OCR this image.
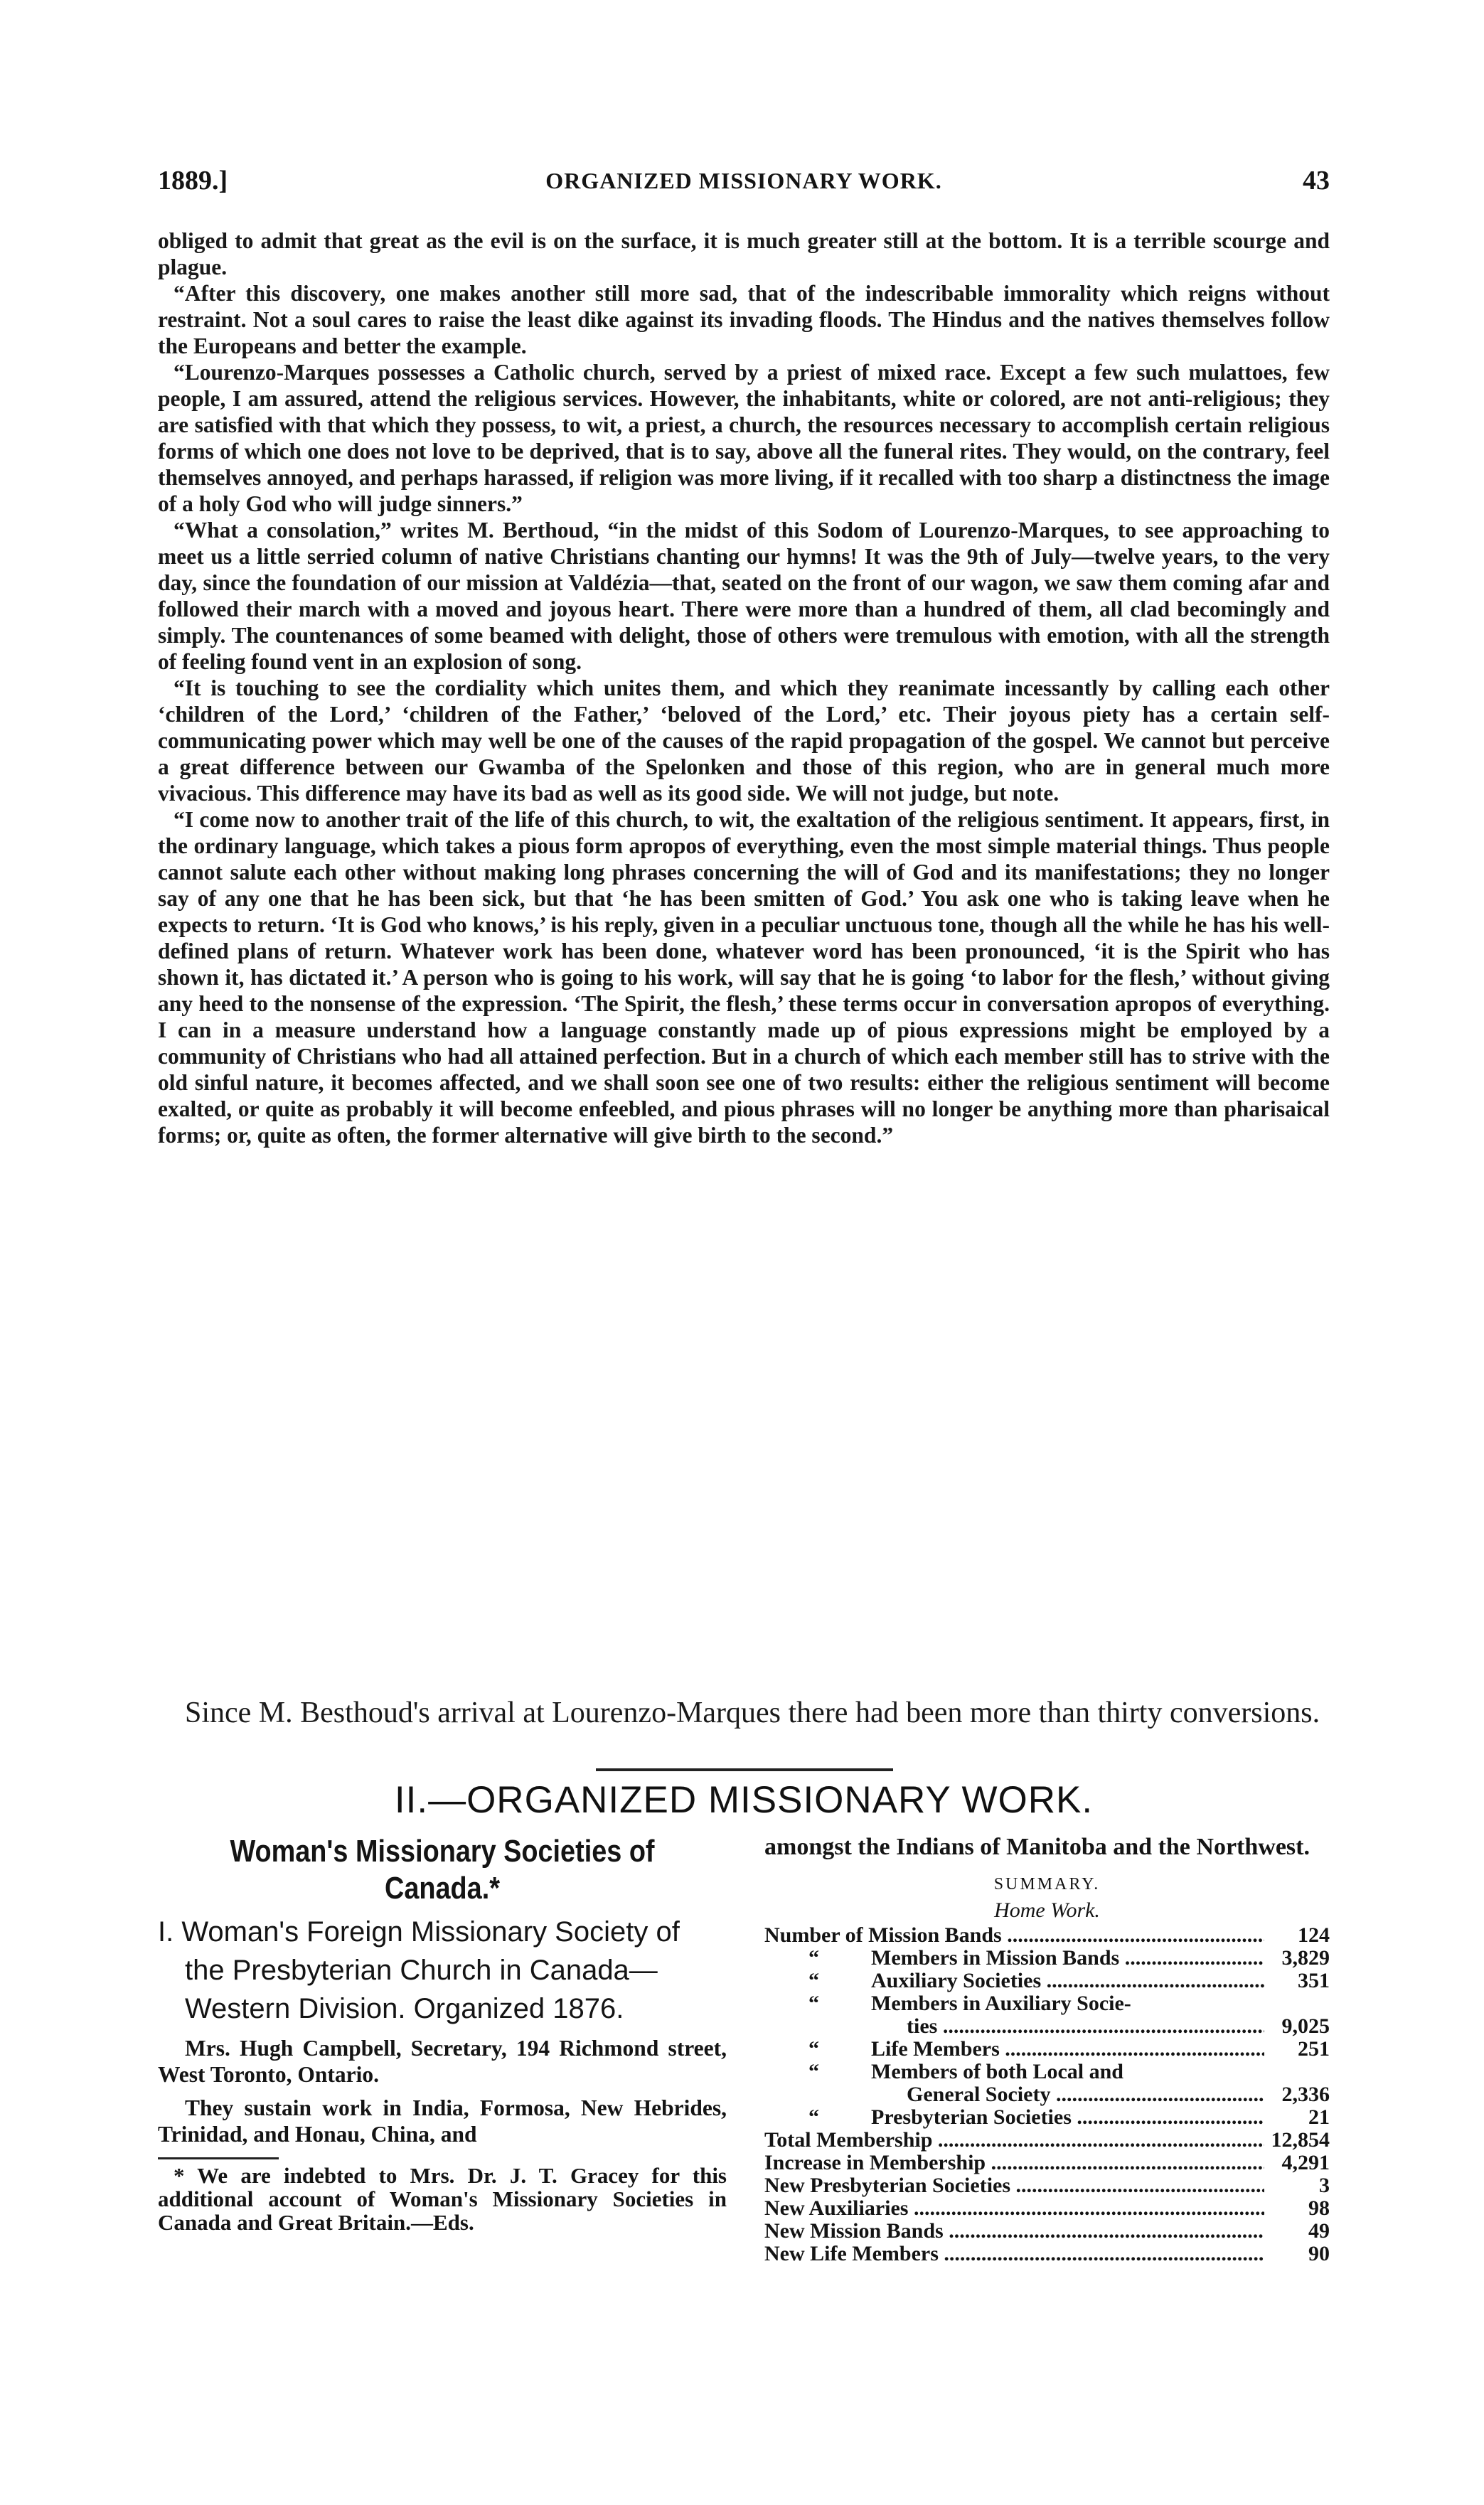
1889.]	ORGANIZED MISSIONARY WORK.	43

obliged to admit that great as the evil is on the surface, it is much greater still at the bottom. It is a terrible scourge and plague.

“After this discovery, one makes another still more sad, that of the indescribable immorality which reigns without restraint. Not a soul cares to raise the least dike against its invading floods. The Hindus and the natives themselves follow the Europeans and better the example.

“Lourenzo-Marques possesses a Catholic church, served by a priest of mixed race. Except a few such mulattoes, few people, I am assured, attend the religious services. However, the inhabitants, white or colored, are not anti-religious; they are satisfied with that which they possess, to wit, a priest, a church, the resources necessary to accomplish certain religious forms of which one does not love to be deprived, that is to say, above all the funeral rites. They would, on the contrary, feel themselves annoyed, and perhaps harassed, if religion was more living, if it recalled with too sharp a distinctness the image of a holy God who will judge sinners.”

“What a consolation,” writes M. Berthoud, “in the midst of this Sodom of Lourenzo-Marques, to see approaching to meet us a little serried column of native Christians chanting our hymns! It was the 9th of July—twelve years, to the very day, since the foundation of our mission at Valdézia—that, seated on the front of our wagon, we saw them coming afar and followed their march with a moved and joyous heart. There were more than a hundred of them, all clad becomingly and simply. The countenances of some beamed with delight, those of others were tremulous with emotion, with all the strength of feeling found vent in an explosion of song.

“It is touching to see the cordiality which unites them, and which they reanimate incessantly by calling each other ‘children of the Lord,’ ‘children of the Father,’ ‘beloved of the Lord,’ etc. Their joyous piety has a certain self-communicating power which may well be one of the causes of the rapid propagation of the gospel. We cannot but perceive a great difference between our Gwamba of the Spelonken and those of this region, who are in general much more vivacious. This difference may have its bad as well as its good side. We will not judge, but note.

“I come now to another trait of the life of this church, to wit, the exaltation of the religious sentiment. It appears, first, in the ordinary language, which takes a pious form apropos of everything, even the most simple material things. Thus people cannot salute each other without making long phrases concerning the will of God and its manifestations; they no longer say of any one that he has been sick, but that ‘he has been smitten of God.’ You ask one who is taking leave when he expects to return. ‘It is God who knows,’ is his reply, given in a peculiar unctuous tone, though all the while he has his well-defined plans of return. Whatever work has been done, whatever word has been pronounced, ‘it is the Spirit who has shown it, has dictated it.’ A person who is going to his work, will say that he is going ‘to labor for the flesh,’ without giving any heed to the nonsense of the expression. ‘The Spirit, the flesh,’ these terms occur in conversation apropos of everything. I can in a measure understand how a language constantly made up of pious expressions might be employed by a community of Christians who had all attained perfection. But in a church of which each member still has to strive with the old sinful nature, it becomes affected, and we shall soon see one of two results: either the religious sentiment will become exalted, or quite as probably it will become enfeebled, and pious phrases will no longer be anything more than pharisaical forms; or, quite as often, the former alternative will give birth to the second.”

Since M. Besthoud's arrival at Lourenzo-Marques there had been more than thirty conversions.
II.—ORGANIZED MISSIONARY WORK.
Woman's Missionary Societies of Canada.*
I. Woman's Foreign Missionary Society of the Presbyterian Church in Canada—Western Division. Organized 1876.

Mrs. Hugh Campbell, Secretary, 194 Richmond street, West Toronto, Ontario.

They sustain work in India, Formosa, New Hebrides, Trinidad, and Honau, China, and

* We are indebted to Mrs. Dr. J. T. Gracey for this additional account of Woman's Missionary Societies in Canada and Great Britain.—Eds.

amongst the Indians of Manitoba and the Northwest.

SUMMARY.
Home Work.
Number of Mission Bands .....	124
“	Members in Mission Bands .....	3,829
“	Auxiliary Societies .....	351
“	Members in Auxiliary Socie-
ties .....	9,025
“	Life Members .....	251
“	Members of both Local and
General Society .....	2,336
“	Presbyterian Societies .....	21
Total Membership .....	12,854
Increase in Membership .....	4,291
New Presbyterian Societies .....	3
New Auxiliaries .....	98
New Mission Bands .....	49
New Life Members .....	90
